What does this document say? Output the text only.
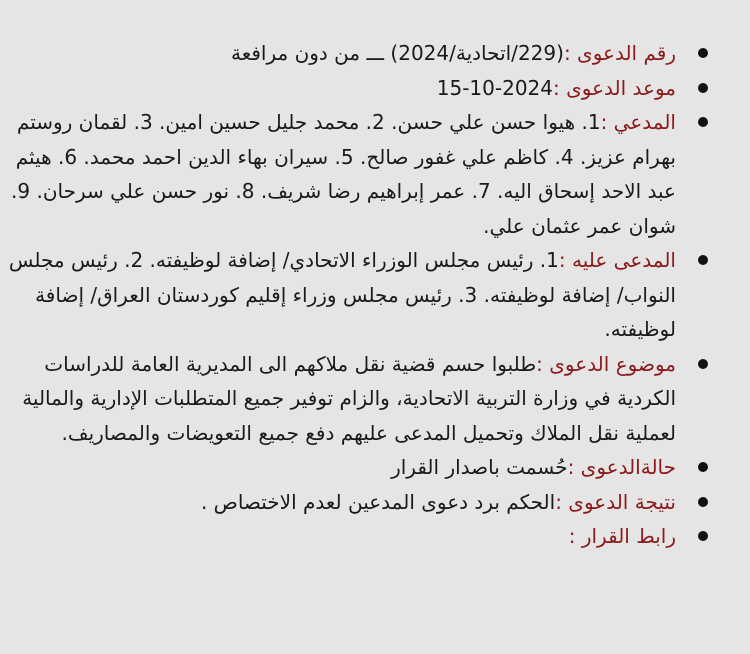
رقم الدعوى :(229/اتحادية/2024) ـــ من دون مرافعة
موعد الدعوى :2024-10-15
المدعي :1. هيوا حسن علي حسن. 2. محمد جليل حسين امين. 3. لقمان روستم بهرام عزيز. 4. كاظم علي غفور صالح. 5. سيران بهاء الدين احمد محمد. 6. هيثم عبد الاحد إسحاق اليه. 7. عمر إبراهيم رضا شريف. 8. نور حسن علي سرحان. 9. شوان عمر عثمان علي.
المدعى عليه :1. رئيس مجلس الوزراء الاتحادي/ إضافة لوظيفته. 2. رئيس مجلس النواب/ إضافة لوظيفته. 3. رئيس مجلس وزراء إقليم كوردستان العراق/ إضافة لوظيفته.
موضوع الدعوى :طلبوا حسم قضية نقل ملاكهم الى المديرية العامة للدراسات الكردية في وزارة التربية الاتحادية، والزام توفير جميع المتطلبات الإدارية والمالية لعملية نقل الملاك وتحميل المدعى عليهم دفع جميع التعويضات والمصاريف.
حالةالدعوى :حُسمت باصدار القرار
نتيجة الدعوى :الحكم برد دعوى المدعين لعدم الاختصاص .
رابط القرار :
